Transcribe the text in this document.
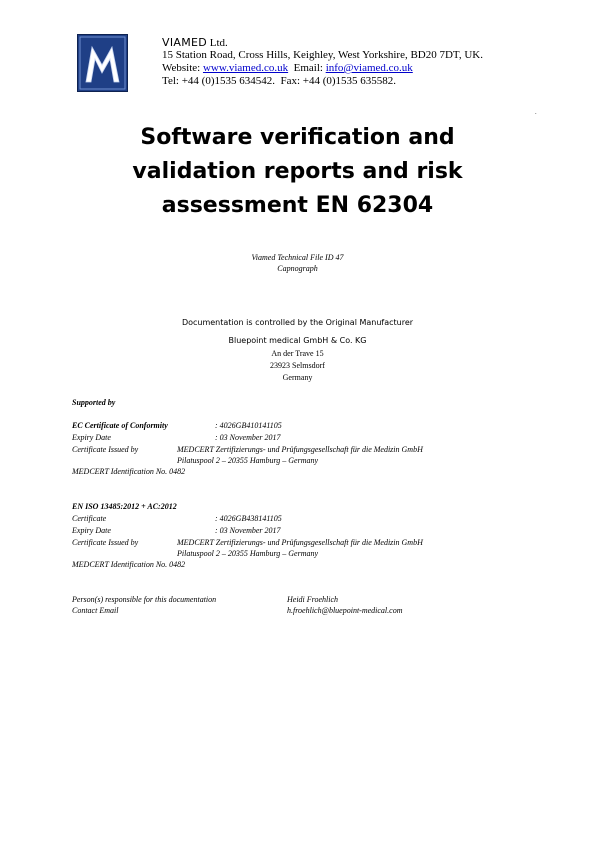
VIAMED Ltd.
15 Station Road, Cross Hills, Keighley, West Yorkshire, BD20 7DT, UK.
Website: www.viamed.co.uk  Email: info@viamed.co.uk
Tel: +44 (0)1535 634542.  Fax: +44 (0)1535 635582.
.
Software verification and
validation reports and risk
assessment EN 62304
Viamed Technical File ID 47
Capnograph
Documentation is controlled by the Original Manufacturer
Bluepoint medical GmbH & Co. KG
An der Trave 15
23923 Selmsdorf
Germany
Supported by
EC Certificate of Conformity	: 4026GB410141105
Expiry Date	: 03 November 2017
Certificate Issued by	MEDCERT Zertifizierungs- und Prüfungsgesellschaft für die Medizin GmbH
Pilatuspool 2 – 20355 Hamburg – Germany
MEDCERT Identification No. 0482
EN ISO 13485:2012 + AC:2012
Certificate	: 4026GB438141105
Expiry Date	: 03 November 2017
Certificate Issued by	MEDCERT Zertifizierungs- und Prüfungsgesellschaft für die Medizin GmbH
Pilatuspool 2 – 20355 Hamburg – Germany
MEDCERT Identification No. 0482
Person(s) responsible for this documentation	Heidi Froehlich
Contact Email	h.froehlich@bluepoint-medical.com
